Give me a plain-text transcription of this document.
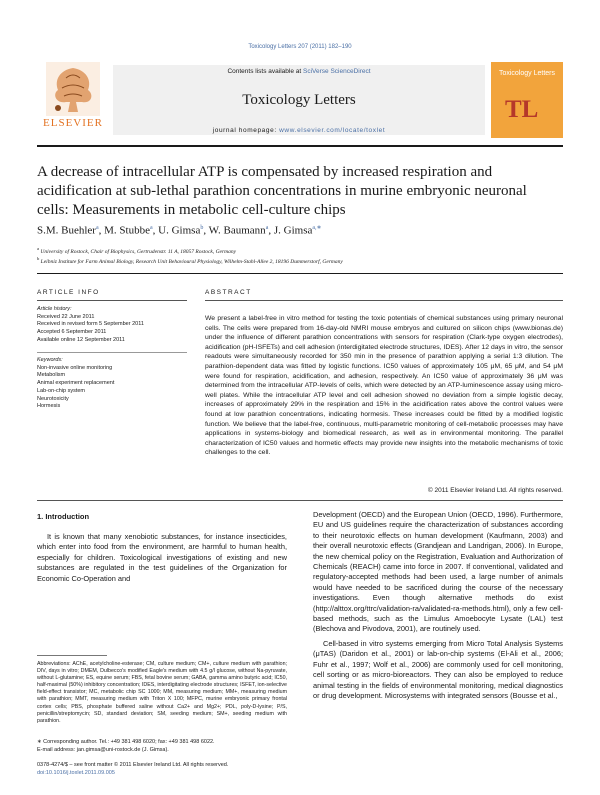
Toxicology Letters 207 (2011) 182–190
ELSEVIER
Contents lists available at SciVerse ScienceDirect
Toxicology Letters
journal homepage: www.elsevier.com/locate/toxlet
Toxicology Letters
TL
A decrease of intracellular ATP is compensated by increased respiration and acidification at sub-lethal parathion concentrations in murine embryonic neuronal cells: Measurements in metabolic cell-culture chips
S.M. Buehler$^a$, M. Stubbe$^a$, U. Gimsa$^b$, W. Baumann$^a$, J. Gimsa$^{a,∗}$
$^a$ University of Rostock, Chair of Biophysics, Gertrudenstr. 11 A, 18057 Rostock, Germany
$^b$ Leibniz Institute for Farm Animal Biology, Research Unit Behavioural Physiology, Wilhelm-Stahl-Allee 2, 18196 Dummerstorf, Germany
ARTICLE INFO	ABSTRACT
Article history:
Received 22 June 2011
Received in revised form 5 September 2011
Accepted 6 September 2011
Available online 12 September 2011
Keywords:
Non-invasive online monitoring
Metabolism
Animal experiment replacement
Lab-on-chip system
Neurotoxicity
Hormesis
We present a label-free in vitro method for testing the toxic potentials of chemical substances using primary neuronal cells. The cells were prepared from 16-day-old NMRI mouse embryos and cultured on silicon chips (www.bionas.de) under the influence of different parathion concentrations with sensors for respiration (Clark-type oxygen electrodes), acidification (pH-ISFETs) and cell adhesion (interdigitated electrode structures, IDES). After 12 days in vitro, the sensor readouts were simultaneously recorded for 350 min in the presence of parathion applying a serial 1:3 dilution. The parathion-dependent data was fitted by logistic functions. IC50 values of approximately 105 μM, 65 μM, and 54 μM were found for respiration, acidification, and adhesion, respectively. An IC50 value of approximately 36 μM was determined from the intracellular ATP-levels of cells, which were detected by an ATP-luminescence assay using micro-well plates. While the intracellular ATP level and cell adhesion showed no deviation from a simple logistic decay, increases of approximately 29% in the respiration and 15% in the acidification rates above the control values were found at low parathion concentrations, indicating hormesis. These increases could be fitted by a modified logistic function. We believe that the label-free, continuous, multi-parametric monitoring of cell-metabolic processes may have applications in systems-biology and biomedical research, as well as in environmental monitoring. The parallel characterization of IC50 values and hormetic effects may provide new insights into the metabolic mechanisms of toxic challenges to the cell.
© 2011 Elsevier Ireland Ltd. All rights reserved.
1. Introduction

It is known that many xenobiotic substances, for instance insecticides, which enter into food from the environment, are harmful to human health, especially for children. Toxicological investigations of existing and new substances are regulated in the test guidelines of the Organization for Economic Co-Operation and

Development (OECD) and the European Union (OECD, 1996). Furthermore, EU and US guidelines require the characterization of substances according to their neurotoxic effects on human development (Kaufmann, 2003) and their overall neurotoxic effects (Grandjean and Landrigan, 2006). In Europe, the new chemical policy on the Registration, Evaluation and Authorization of Chemicals (REACH) came into force in 2007. If conventional, validated and regulatory-accepted methods had been used, a large number of animals would have needed to be sacrificed during the course of the necessary investigations. Even though alternative methods do exist (http://alttox.org/ttrc/validation-ra/validated-ra-methods.html), only a few cell-based methods, such as the Limulus Amoebocyte Lysate (LAL) test (Blechova and Pivodova, 2001), are routinely used.

Cell-based in vitro systems emerging from Micro Total Analysis Systems (μTAS) (Daridon et al., 2001) or lab-on-chip systems (El-Ali et al., 2006; Fuhr et al., 1997; Wolf et al., 2006) are commonly used for cell monitoring, cell sorting or as micro-bioreactors. They can also be employed to reduce animal testing in the fields of environmental monitoring, medical diagnostics or drug development. Microsystems with integrated sensors (Bousse et al.,

Abbreviations: AChE, acetylcholine-esterase; CM, culture medium; CM+, culture medium with parathion; DIV, days in vitro; DMEM, Dulbecco's modified Eagle's medium with 4.5 g/l glucose, without Na-pyruvate, without L-glutamine; ES, equine serum; FBS, fetal bovine serum; GABA, gamma amino butyric acid; IC50, half-maximal (50%) inhibitory concentration; IDES, interdigitating electrode structures; ISFET, ion-selective field-effect transistor; MC, metabolic chip SC 1000; MM, measuring medium; MM+, measuring medium with parathion; MMT, measuring medium with Triton X 100; MFPC, murine embryonic primary frontal cortex cells; PBS, phosphate buffered saline without Ca2+ and Mg2+; PDL, poly-D-lysine; P/S, penicillin/streptomycin; SD, standard deviation; SM, seeding medium; SM+, seeding medium with parathion.
∗ Corresponding author. Tel.: +49 381 498 6020; fax: +49 381 498 6022.
E-mail address: jan.gimsa@uni-rostock.de (J. Gimsa).
0378-4274/$ – see front matter © 2011 Elsevier Ireland Ltd. All rights reserved.
doi:10.1016/j.toxlet.2011.09.005
